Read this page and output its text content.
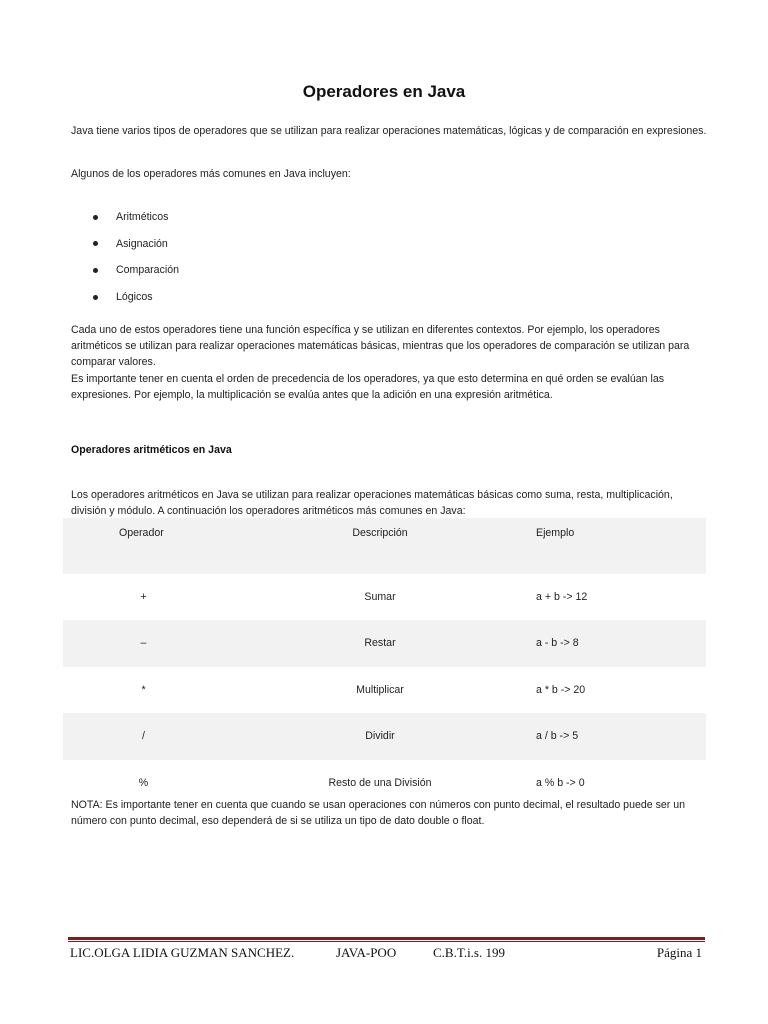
Operadores en Java

Java tiene varios tipos de operadores que se utilizan para realizar operaciones matemáticas, lógicas y de comparación en expresiones.

Algunos de los operadores más comunes en Java incluyen:

Aritméticos
Asignación
Comparación
Lógicos

Cada uno de estos operadores tiene una función específica y se utilizan en diferentes contextos. Por ejemplo, los operadores aritméticos se utilizan para realizar operaciones matemáticas básicas, mientras que los operadores de comparación se utilizan para comparar valores.

Es importante tener en cuenta el orden de precedencia de los operadores, ya que esto determina en qué orden se evalúan las expresiones. Por ejemplo, la multiplicación se evalúa antes que la adición en una expresión aritmética.

Operadores aritméticos en Java

Los operadores aritméticos en Java se utilizan para realizar operaciones matemáticas básicas como suma, resta, multiplicación, división y módulo. A continuación los operadores aritméticos más comunes en Java:

Operador	Descripción	Ejemplo
+	Sumar	a + b -> 12
–	Restar	a - b -> 8
*	Multiplicar	a * b -> 20
/	Dividir	a / b -> 5
%	Resto de una División	a % b -> 0

NOTA: Es importante tener en cuenta que cuando se usan operaciones con números con punto decimal, el resultado puede ser un número con punto decimal, eso dependerá de si se utiliza un tipo de dato double o float.

LIC.OLGA LIDIA GUZMAN SANCHEZ.	JAVA-POO	C.B.T.i.s. 199	Página 1
